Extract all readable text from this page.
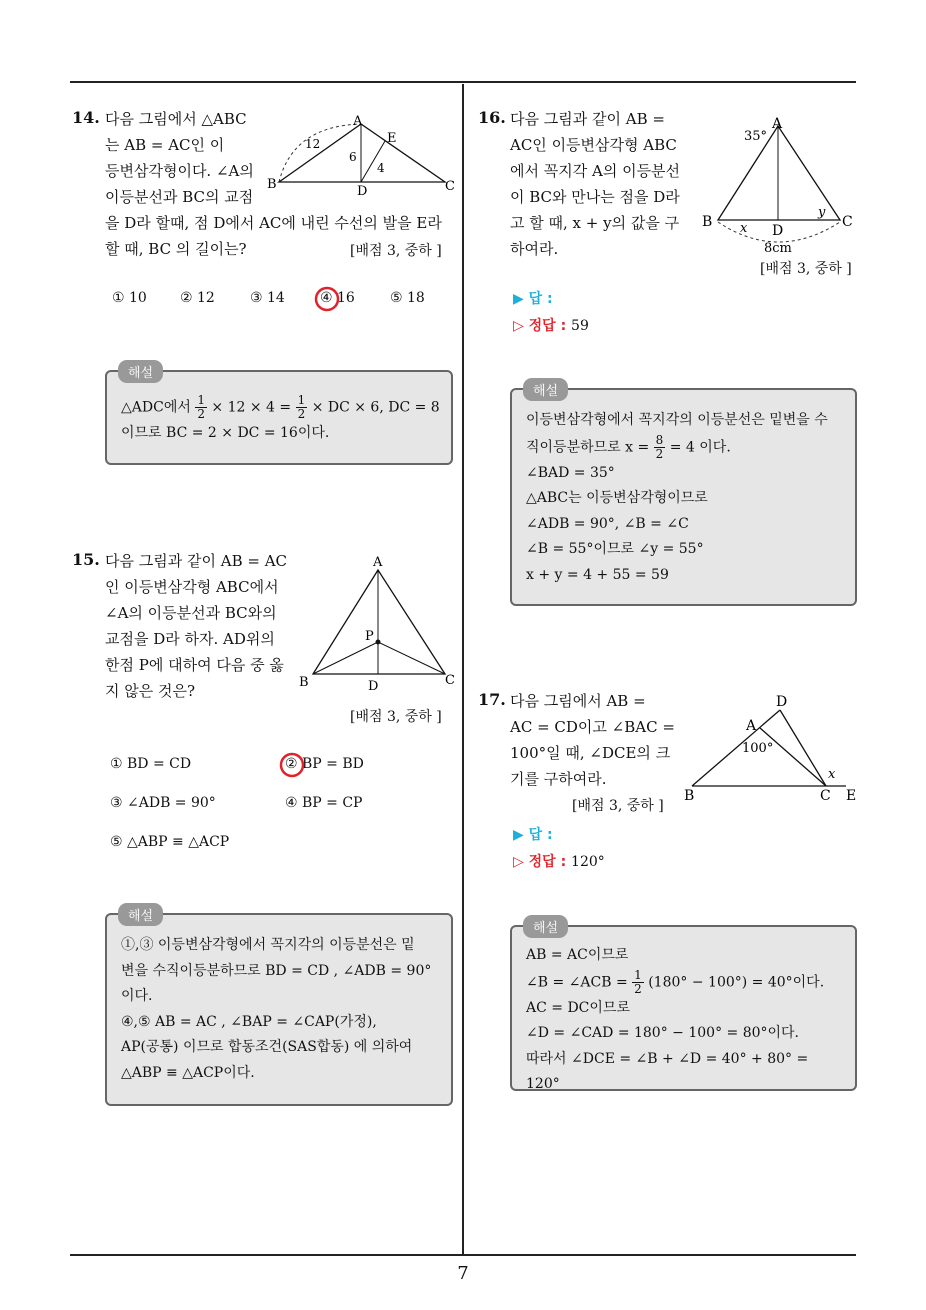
7
14. 다음 그림에서 △ABC
는 AB = AC인 이
등변삼각형이다. ∠A의
이등분선과 BC의 교점
을 D라 할때, 점 D에서 AC에 내린 수선의 발을 E라
할 때, BC 의 길이는?	[배점 3, 중하 ]
A
B	C
D
E
12
6
4
① 10 ② 12	③ 14	④ 16	⑤ 18
△ADC에서 $\frac{1}{2} \times 12 \times 4 = \frac{1}{2}$ × DC × 6, DC = 8
이므로 BC = 2 × DC = 16이다.
해설
15. 다음 그림과 같이 AB = AC
인 이등변삼각형 ABC에서
∠A의 이등분선과 BC와의
교점을 D라 하자. AD위의
한점 P에 대하여 다음 중 옳
지 않은 것은?
[배점 3, 중하 ]
A
B	C
D
P
① BD = CD	② BP = BD
③ ∠ADB = 90°	④ BP = CP
⑤ △ABP ≡ △ACP
①,③ 이등변삼각형에서 꼭지각의 이등분선은 밑
변을 수직이등분하므로 BD = CD , ∠ADB = 90°
이다.
④,⑤ AB = AC , ∠BAP = ∠CAP(가정),
AP(공통) 이므로 합동조건(SAS합동) 에 의하여
△ABP ≡ △ACP이다.
해설
16. 다음 그림과 같이 AB =
AC인 이등변삼각형 ABC
에서 꼭지각 A의 이등분선
이 BC와 만나는 점을 D라
고 할 때, x + y의 값을 구
하여라.
A
B	C
D
35°
x
y
8cm
[배점 3, 중하 ]
▶ 답 :
▷ 정답 : 59
이등변삼각형에서 꼭지각의 이등분선은 밑변을 수
직이등분하므로 $x = \frac{8}{2} = 4$ 이다.
∠BAD = 35°
△ABC는 이등변삼각형이므로
∠ADB = 90°, ∠B = ∠C
∠B = 55°이므로 ∠y = 55°
x + y = 4 + 55 = 59
해설
17. 다음 그림에서 AB =
AC = CD이고 ∠BAC =
100°일 때, ∠DCE의 크
기를 구하여라.
[배점 3, 중하 ]
D
A
B	C E
100°
x
▶ 답 :
▷ 정답 : 120°
AB = AC이므로
∠B = ∠ACB = $\frac{1}{2} (180^\circ - 100^\circ) = 40^\circ$이다.
AC = DC이므로
∠D = ∠CAD = 180° − 100° = 80°이다.
따라서 ∠DCE = ∠B + ∠D = 40° + 80° = 120°
해설
